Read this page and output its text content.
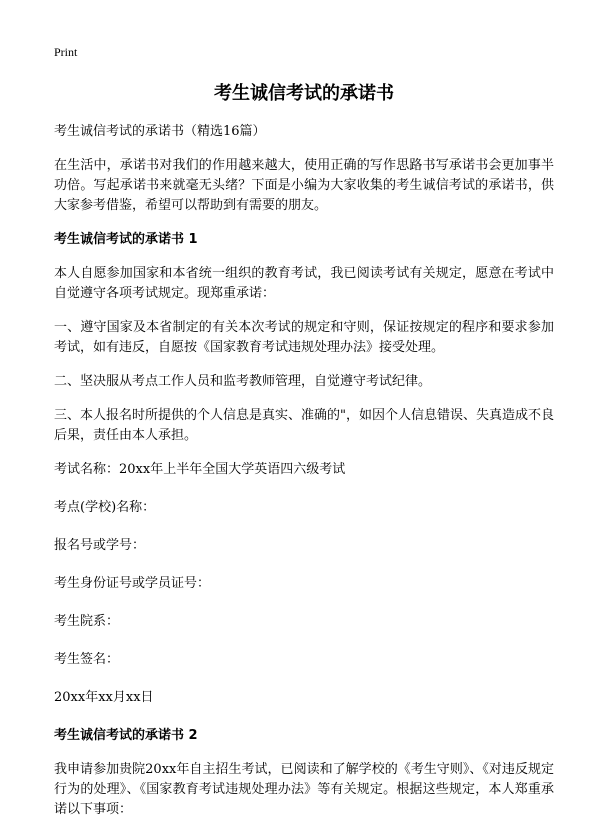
Print
考生诚信考试的承诺书

考生诚信考试的承诺书（精选16篇）

在生活中，承诺书对我们的作用越来越大，使用正确的写作思路书写承诺书会更加事半功倍。写起承诺书来就毫无头绪？下面是小编为大家收集的考生诚信考试的承诺书，供大家参考借鉴，希望可以帮助到有需要的朋友。

考生诚信考试的承诺书 1

本人自愿参加国家和本省统一组织的教育考试，我已阅读考试有关规定，愿意在考试中自觉遵守各项考试规定。现郑重承诺：

一、遵守国家及本省制定的有关本次考试的规定和守则，保证按规定的程序和要求参加考试，如有违反，自愿按《国家教育考试违规处理办法》接受处理。

二、坚决服从考点工作人员和监考教师管理，自觉遵守考试纪律。

三、本人报名时所提供的个人信息是真实、准确的"，如因个人信息错误、失真造成不良后果，责任由本人承担。

考试名称：20xx年上半年全国大学英语四六级考试
考点(学校)名称：
报名号或学号：
考生身份证号或学员证号：
考生院系：
考生签名：
20xx年xx月xx日
考生诚信考试的承诺书 2

我申请参加贵院20xx年自主招生考试，已阅读和了解学校的《考生守则》、《对违反规定行为的处理》、《国家教育考试违规处理办法》等有关规定。根据这些规定，本人郑重承诺以下事项：
